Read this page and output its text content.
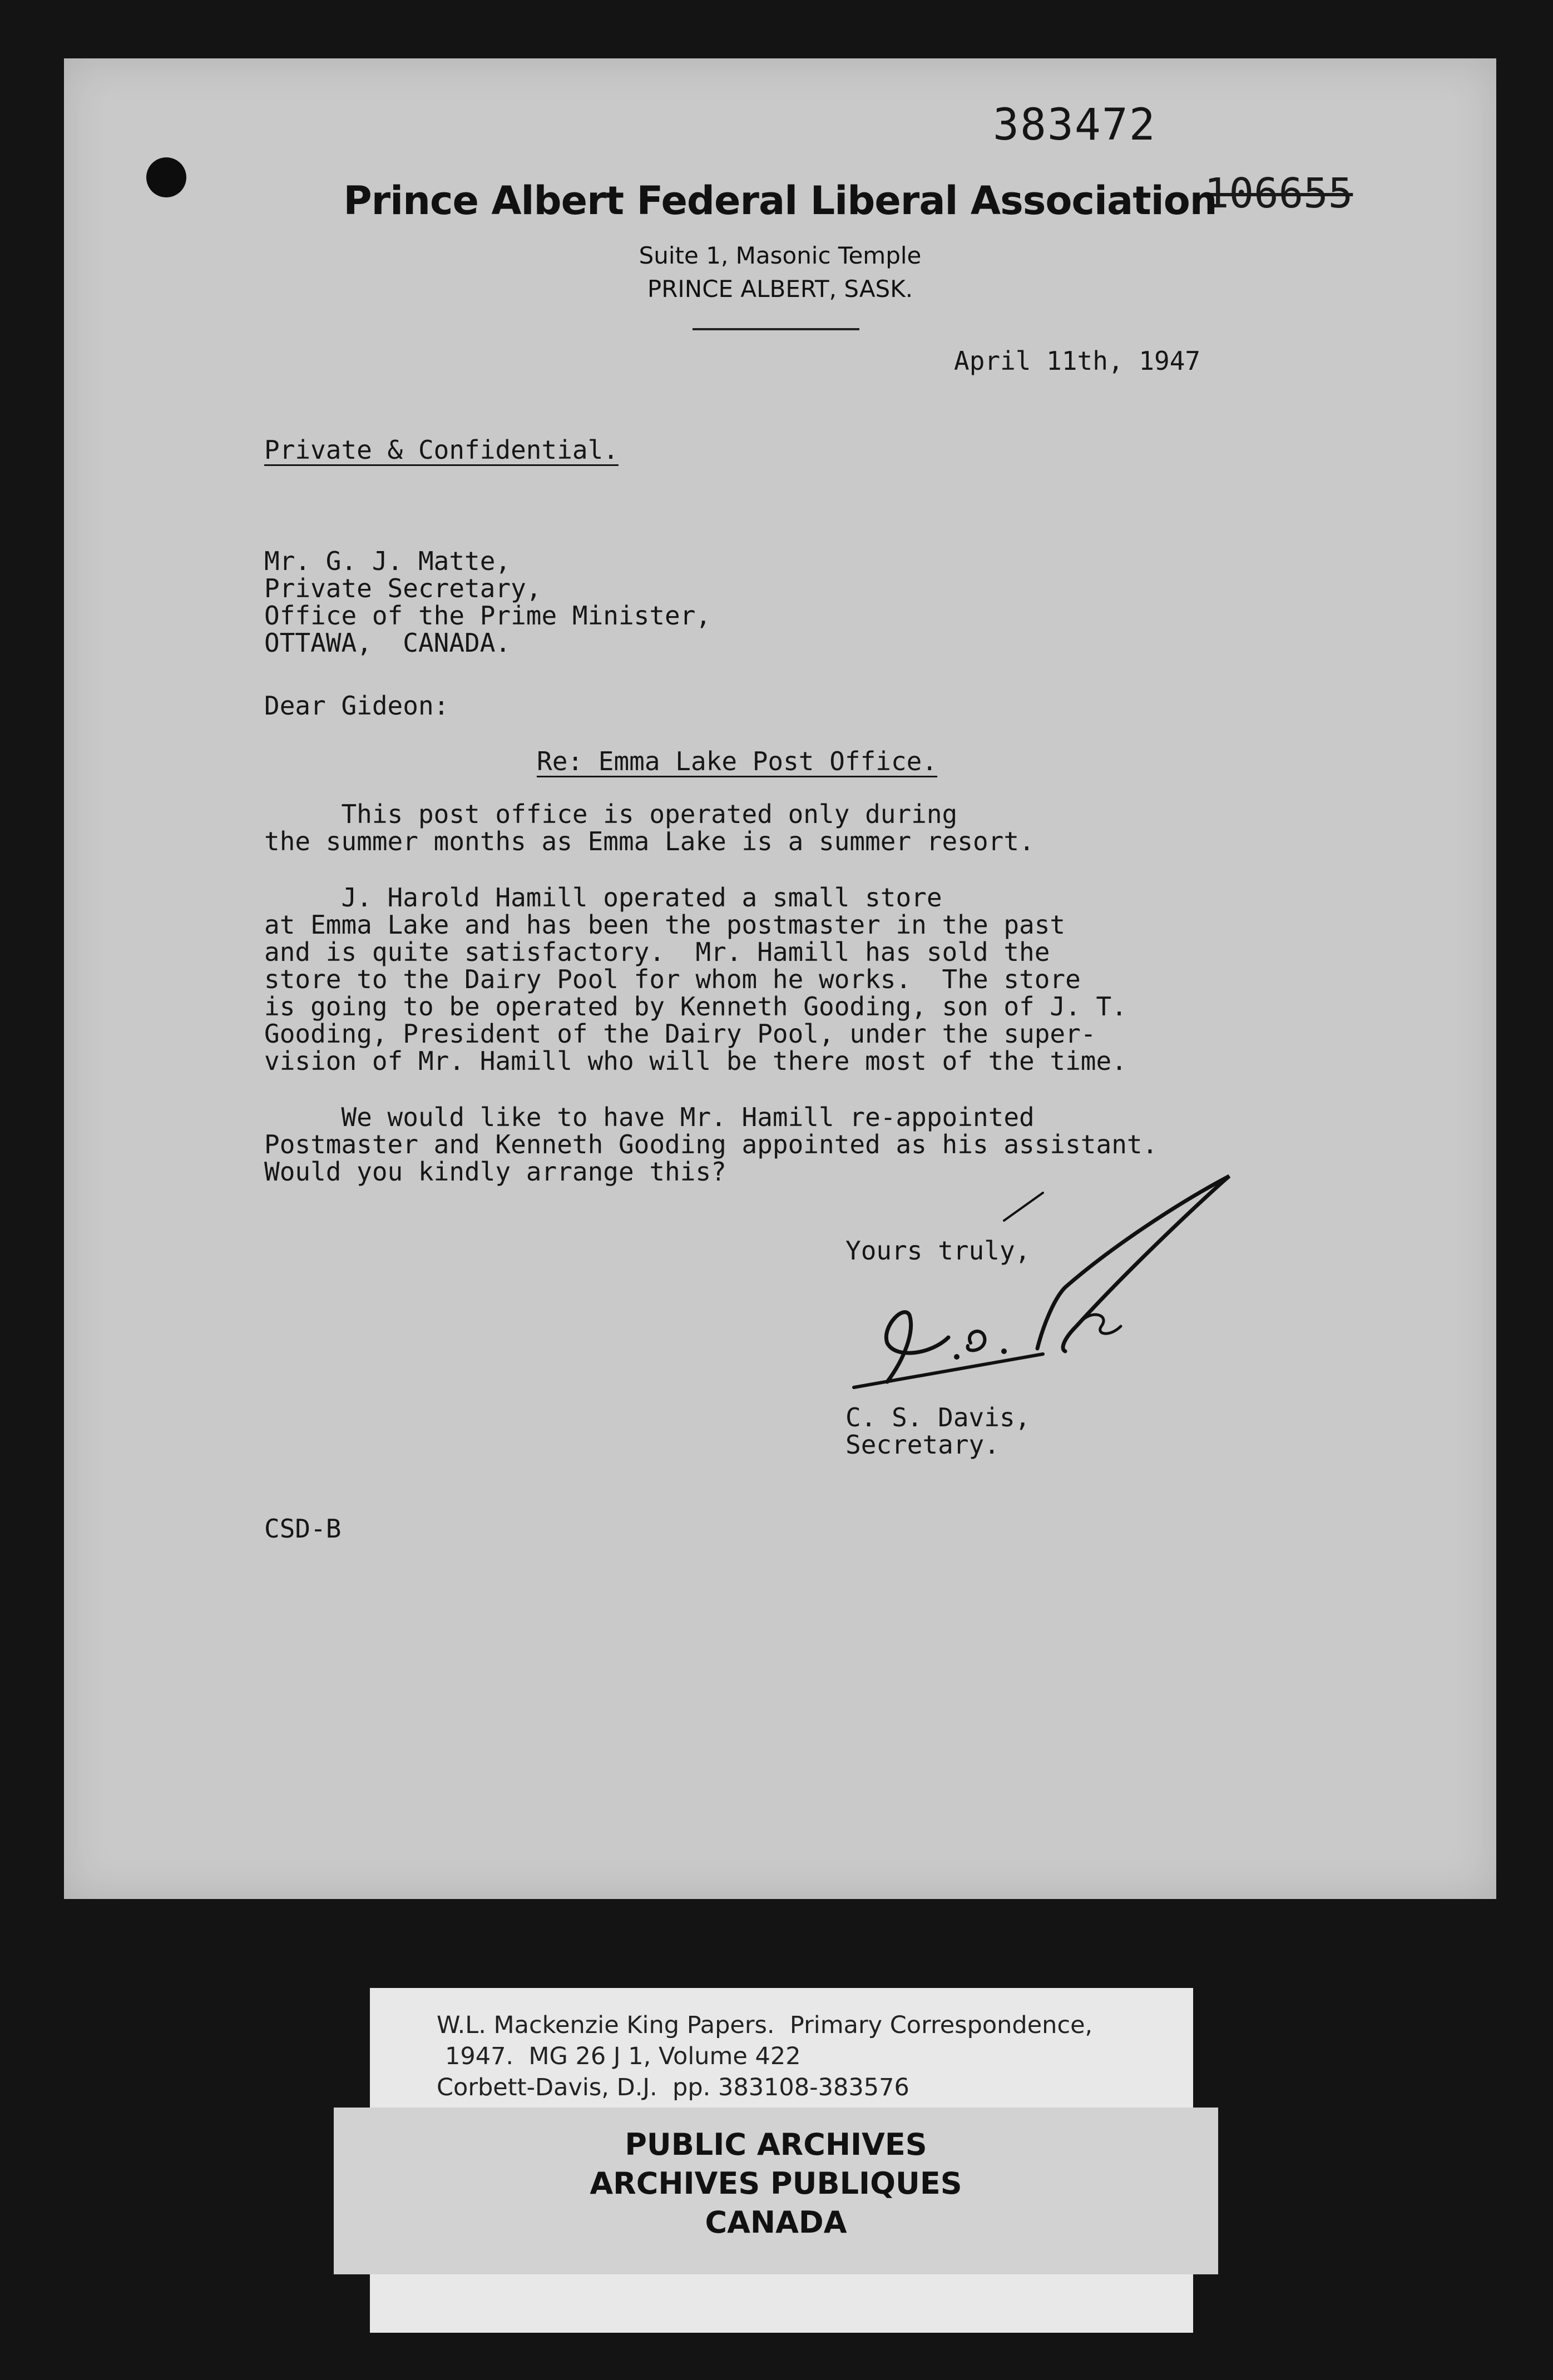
383472
106655
Prince Albert Federal Liberal Association
Suite 1, Masonic Temple
PRINCE ALBERT, SASK.
April 11th, 1947
Private & Confidential.
Mr. G. J. Matte,
Private Secretary,
Office of the Prime Minister,
OTTAWA,  CANADA.
Dear Gideon:
Re: Emma Lake Post Office.
This post office is operated only during
the summer months as Emma Lake is a summer resort.
J. Harold Hamill operated a small store
at Emma Lake and has been the postmaster in the past
and is quite satisfactory.  Mr. Hamill has sold the
store to the Dairy Pool for whom he works.  The store
is going to be operated by Kenneth Gooding, son of J. T.
Gooding, President of the Dairy Pool, under the super-
vision of Mr. Hamill who will be there most of the time.
We would like to have Mr. Hamill re-appointed
Postmaster and Kenneth Gooding appointed as his assistant.
Would you kindly arrange this?
Yours truly,
C. S. Davis,
Secretary.
CSD-B
W.L. Mackenzie King Papers.  Primary Correspondence,
1947.  MG 26 J 1, Volume 422
Corbett-Davis, D.J.  pp. 383108-383576
PUBLIC ARCHIVES
ARCHIVES PUBLIQUES
CANADA
